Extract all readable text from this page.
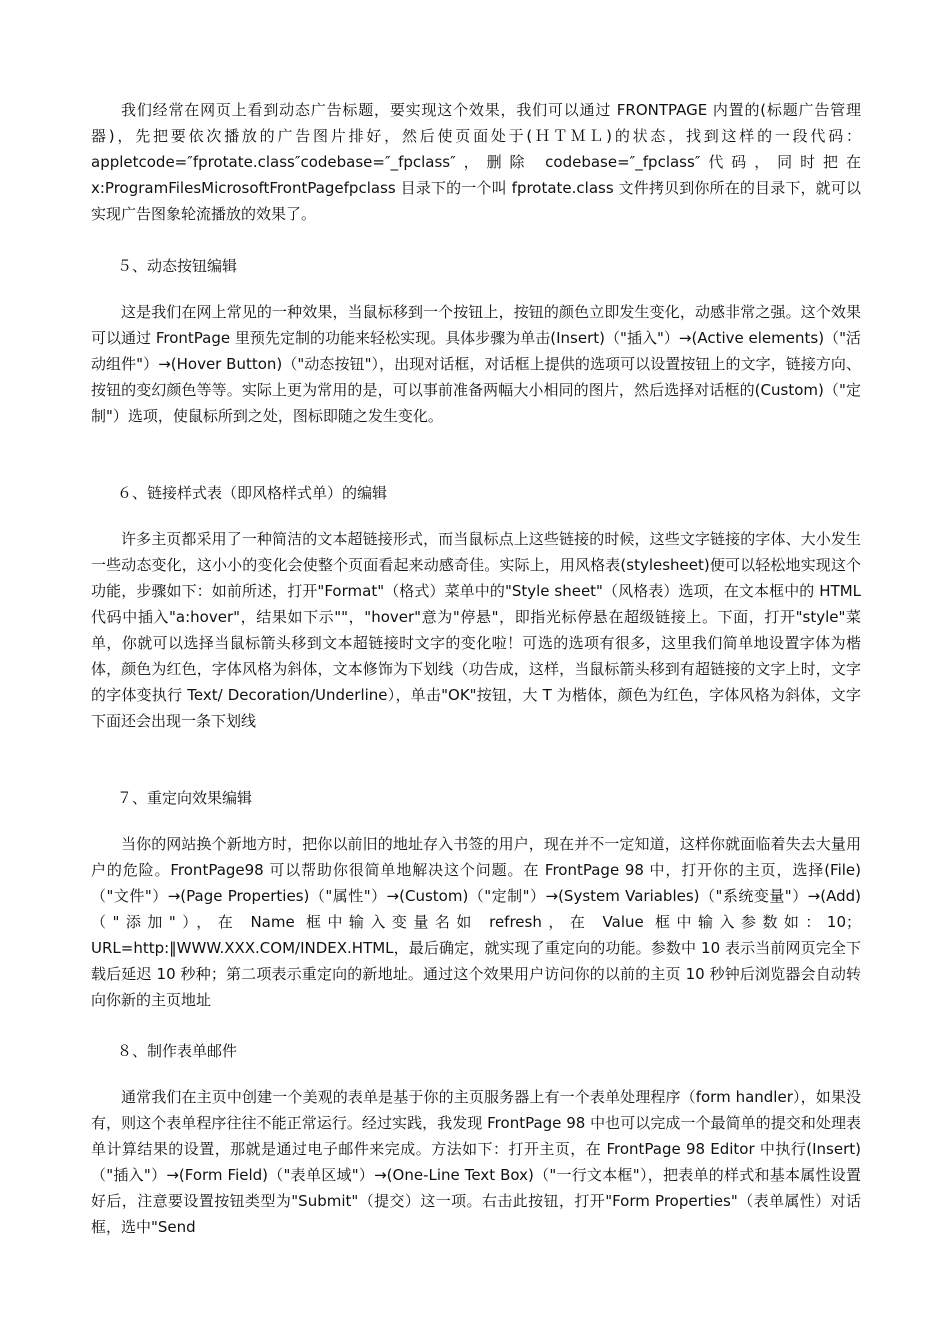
我们经常在网页上看到动态广告标题，要实现这个效果，我们可以通过 FRONTPAGE 内置的(标题广告管理器)，先把要依次播放的广告图片排好，然后使页面处于(ＨＴＭＬ)的状态，找到这样的一段代码：appletcode=″fprotate.class″codebase=″_fpclass″，删除 codebase=″_fpclass″代码，同时把在x:ProgramFilesMicrosoftFrontPagefpclass 目录下的一个叫 fprotate.class 文件拷贝到你所在的目录下，就可以实现广告图象轮流播放的效果了。

５、动态按钮编辑

这是我们在网上常见的一种效果，当鼠标移到一个按钮上，按钮的颜色立即发生变化，动感非常之强。这个效果可以通过 FrontPage 里预先定制的功能来轻松实现。具体步骤为单击(Insert)（"插入"）→(Active elements)（"活动组件"）→(Hover Button)（"动态按钮"），出现对话框，对话框上提供的选项可以设置按钮上的文字，链接方向、按钮的变幻颜色等等。实际上更为常用的是，可以事前准备两幅大小相同的图片，然后选择对话框的(Custom)（"定制"）选项，使鼠标所到之处，图标即随之发生变化。

６、链接样式表（即风格样式单）的编辑

许多主页都采用了一种简洁的文本超链接形式，而当鼠标点上这些链接的时候，这些文字链接的字体、大小发生一些动态变化，这小小的变化会使整个页面看起来动感奇佳。实际上，用风格表(stylesheet)便可以轻松地实现这个功能，步骤如下：如前所述，打开"Format"（格式）菜单中的"Style sheet"（风格表）选项，在文本框中的 HTML 代码中插入"a:hover"，结果如下示""，"hover"意为"停悬"，即指光标停悬在超级链接上。下面，打开"style"菜单，你就可以选择当鼠标箭头移到文本超链接时文字的变化啦！可选的选项有很多，这里我们简单地设置字体为楷体，颜色为红色，字体风格为斜体，文本修饰为下划线（功告成，这样，当鼠标箭头移到有超链接的文字上时，文字的字体变执行 Text/ Decoration/Underline），单击"OK"按钮，大 T 为楷体，颜色为红色，字体风格为斜体，文字下面还会出现一条下划线

７、重定向效果编辑

当你的网站换个新地方时，把你以前旧的地址存入书签的用户，现在并不一定知道，这样你就面临着失去大量用户的危险。FrontPage98 可以帮助你很简单地解决这个问题。在 FrontPage 98 中，打开你的主页，选择(File)（"文件"）→(Page Properties)（"属性"）→(Custom)（"定制"）→(System Variables)（"系统变量"）→(Add)（"添加"），在 Name 框中输入变量名如 refresh，在 Value 框中输入参数如：10；URL=http:‖WWW.XXX.COM/INDEX.HTML，最后确定，就实现了重定向的功能。参数中 10 表示当前网页完全下载后延迟 10 秒种；第二项表示重定向的新地址。通过这个效果用户访问你的以前的主页 10 秒钟后浏览器会自动转向你新的主页地址

８、制作表单邮件

通常我们在主页中创建一个美观的表单是基于你的主页服务器上有一个表单处理程序（form handler），如果没有，则这个表单程序往往不能正常运行。经过实践，我发现 FrontPage 98 中也可以完成一个最简单的提交和处理表单计算结果的设置，那就是通过电子邮件来完成。方法如下：打开主页，在 FrontPage 98 Editor 中执行(Insert)（"插入"）→(Form Field)（"表单区域"）→(One-Line Text Box)（"一行文本框"），把表单的样式和基本属性设置好后，注意要设置按钮类型为"Submit"（提交）这一项。右击此按钮，打开"Form Properties"（表单属性）对话框，选中"Send
